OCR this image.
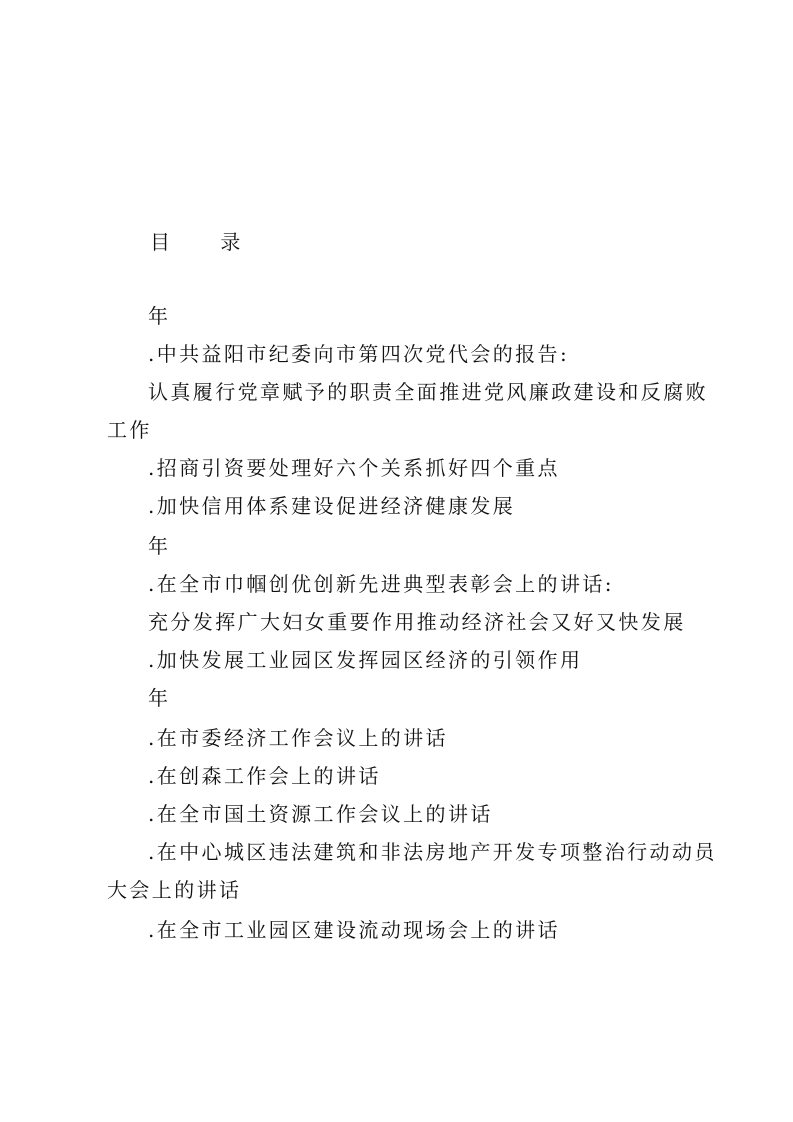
目 录
年
.中共益阳市纪委向市第四次党代会的报告:
认真履行党章赋予的职责全面推进党风廉政建设和反腐败
工作
.招商引资要处理好六个关系抓好四个重点
.加快信用体系建设促进经济健康发展
年
.在全市巾帼创优创新先进典型表彰会上的讲话:
充分发挥广大妇女重要作用推动经济社会又好又快发展
.加快发展工业园区发挥园区经济的引领作用
年
.在市委经济工作会议上的讲话
.在创森工作会上的讲话
.在全市国土资源工作会议上的讲话
.在中心城区违法建筑和非法房地产开发专项整治行动动员
大会上的讲话
.在全市工业园区建设流动现场会上的讲话
